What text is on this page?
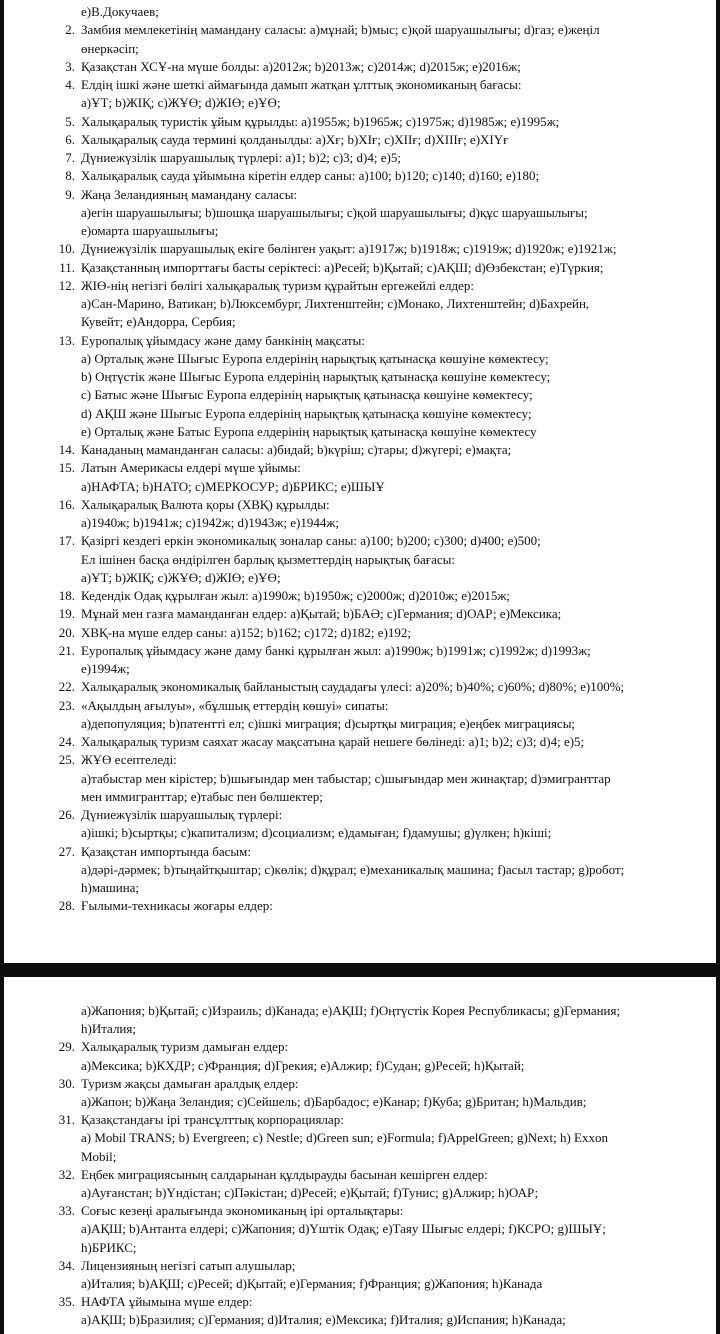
е)В.Докучаев;
2. Замбия мемлекетінің мамандану саласы: а)мұнай; b)мыс; с)қой шаруашылығы; d)газ; е)жеңіл
өнеркәсіп;
3. Қазақстан ХСҰ-на мүше болды: а)2012ж; b)2013ж; с)2014ж; d)2015ж; е)2016ж;
4. Елдің ішкі және шеткі аймағында дамып жатқан ұлттық экономиканың бағасы:
а)ҰТ; b)ЖІҚ; с)ЖҰӨ; d)ЖІӨ; е)ҰӨ;
5. Халықаралық туристік ұйым құрылды: а)1955ж; b)1965ж; с)1975ж; d)1985ж; е)1995ж;
6. Халықаралық сауда термині қолданылды: а)Хғ; b)ХІғ; с)ХІІғ; d)ХІІІғ; е)ХІҮғ
7. Дүниежүзілік шаруашылық түрлері: а)1; b)2; с)3; d)4; е)5;
8. Халықаралық сауда ұйымына кіретін елдер саны: а)100; b)120; с)140; d)160; е)180;
9. Жаңа Зеландияның мамандану саласы:
а)егін шаруашылығы; b)шошқа шаруашылығы; с)қой шаруашылығы; d)құс шаруашылығы;
е)омарта шаруашылығы;
10. Дүниежүзілік шаруашылық екіге бөлінген уақыт: а)1917ж; b)1918ж; с)1919ж; d)1920ж; е)1921ж;
11. Қазақстанның импорттағы басты серіктесі: а)Ресей; b)Қытай; с)АҚШ; d)Өзбекстан; е)Түркия;
12. ЖІӨ-нің негізгі бөлігі халықаралық туризм құрайтын ергежейлі елдер:
а)Сан-Марино, Ватикан; b)Люксембург, Лихтенштейн; с)Монако, Лихтенштейн; d)Бахрейн,
Кувейт; е)Андорра, Сербия;
13. Еуропалық ұйымдасу және даму банкінің мақсаты:
а) Орталық және Шығыс Еуропа елдерінің нарықтық қатынасқа көшуіне көмектесу;
b) Оңтүстік және Шығыс Еуропа елдерінің нарықтық қатынасқа көшуіне көмектесу;
с) Батыс және Шығыс Еуропа елдерінің нарықтық қатынасқа көшуіне көмектесу;
d) АҚШ және Шығыс Еуропа елдерінің нарықтық қатынасқа көшуіне көмектесу;
е) Орталық және Батыс Еуропа елдерінің нарықтық қатынасқа көшуіне көмектесу
14. Канаданың маманданған саласы: а)бидай; b)күріш; с)тары; d)жүгері; е)мақта;
15. Латын Америкасы елдері мүше ұйымы:
а)НАФТА; b)НАТО; с)МЕРКОСУР; d)БРИКС; е)ШЫҰ
16. Халықаралық Валюта қоры (ХВҚ) құрылды:
а)1940ж; b)1941ж; с)1942ж; d)1943ж; е)1944ж;
17. Қазіргі кездегі еркін экономикалық зоналар саны: а)100; b)200; с)300; d)400; е)500;
Ел ішінен басқа өндірілген барлық қызметтердің нарықтық бағасы:
а)ҰТ; b)ЖІҚ; с)ЖҰӨ; d)ЖІӨ; е)ҰӨ;
18. Кедендік Одақ құрылған жыл: а)1990ж; b)1950ж; с)2000ж; d)2010ж; е)2015ж;
19. Мұнай мен газға маманданған елдер: а)Қытай; b)БАӘ; с)Германия; d)ОАР; е)Мексика;
20. ХВҚ-на мүше елдер саны: а)152; b)162; с)172; d)182; е)192;
21. Еуропалық ұйымдасу және даму банкі құрылған жыл: а)1990ж; b)1991ж; с)1992ж; d)1993ж;
е)1994ж;
22. Халықаралық экономикалық байланыстың саудадағы үлесі: а)20%; b)40%; с)60%; d)80%; е)100%;
23. «Ақылдың ағылуы», «бұлшық еттердің көшуі» сипаты:
а)депопуляция; b)патентті ел; с)ішкі миграция; d)сыртқы миграция; е)еңбек миграциясы;
24. Халықаралық туризм саяхат жасау мақсатына қарай нешеге бөлінеді: а)1; b)2; с)3; d)4; е)5;
25. ЖҰӨ есептеледі:
а)табыстар мен кірістер; b)шығындар мен табыстар; с)шығындар мен жинақтар; d)эмигранттар
мен иммигранттар; е)табыс пен бөлшектер;
26. Дүниежүзілік шаруашылық түрлері:
а)ішкі; b)сыртқы; с)капитализм; d)социализм; е)дамыған; f)дамушы; g)үлкен; h)кіші;
27. Қазақстан импортында басым:
а)дәрі-дәрмек; b)тыңайтқыштар; с)көлік; d)құрал; е)механикалық машина; f)асыл тастар; g)робот;
h)машина;
28. Ғылыми-техникасы жоғары елдер:
а)Жапония; b)Қытай; с)Израиль; d)Канада; е)АҚШ; f)Оңтүстік Корея Республикасы; g)Германия;
h)Италия;
29. Халықаралық туризм дамыған елдер:
а)Мексика; b)КХДР; с)Франция; d)Грекия; е)Алжир; f)Судан; g)Ресей; h)Қытай;
30. Туризм жақсы дамыған аралдық елдер:
а)Жапон; b)Жаңа Зеландия; с)Сейшель; d)Барбадос; е)Канар; f)Куба; g)Британ; h)Мальдив;
31. Қазақстандағы ірі трансұлттық корпорациялар:
а) Mobil TRANS; b) Evergreen; с) Nestle; d)Green sun; е)Formula; f)AppelGreen; g)Next; h) Exxon
Mobil;
32. Еңбек миграциясының салдарынан құлдырауды басынан кешірген елдер:
а)Ауғанстан; b)Үндістан; с)Пәкістан; d)Ресей; е)Қытай; f)Тунис; g)Алжир; h)ОАР;
33. Соғыс кезеңі аралығында экономиканың ірі орталықтары:
а)АҚШ; b)Антанта елдері; с)Жапония; d)Үштік Одақ; е)Таяу Шығыс елдері; f)КСРО; g)ШЫҰ;
h)БРИКС;
34. Лицензияның негізгі сатып алушылар;
а)Италия; b)АҚШ; с)Ресей; d)Қытай; е)Германия; f)Франция; g)Жапония; h)Канада
35. НАФТА ұйымына мүше елдер:
а)АҚШ; b)Бразилия; с)Германия; d)Италия; е)Мексика; f)Италия; g)Испания; h)Канада;
